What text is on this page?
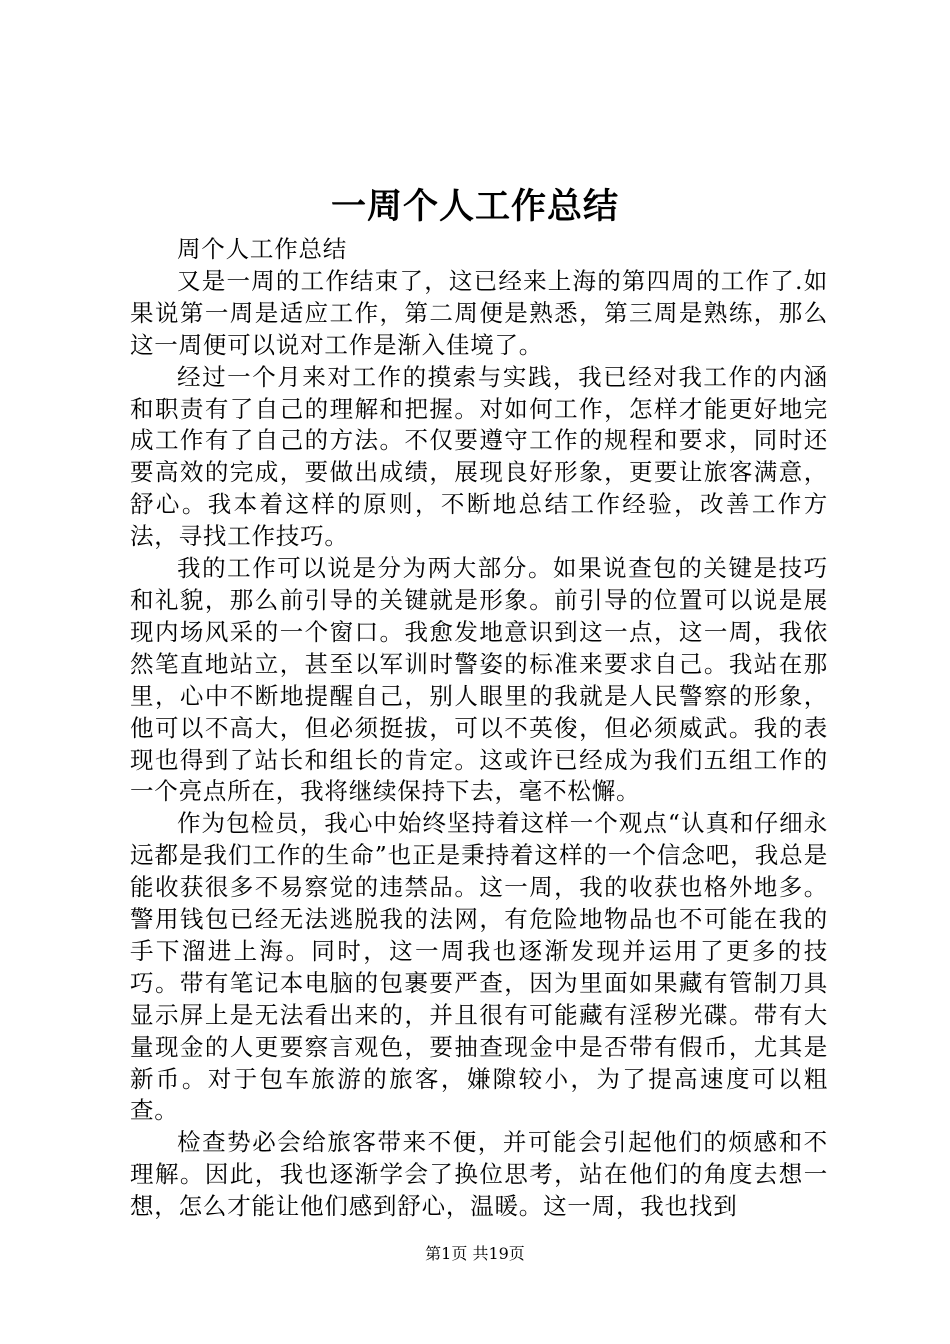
一周个人工作总结

周个人工作总结

又是一周的工作结束了，这已经来上海的第四周的工作了.如果说第一周是适应工作，第二周便是熟悉，第三周是熟练，那么这一周便可以说对工作是渐入佳境了。

经过一个月来对工作的摸索与实践，我已经对我工作的内涵和职责有了自己的理解和把握。对如何工作，怎样才能更好地完成工作有了自己的方法。不仅要遵守工作的规程和要求，同时还要高效的完成，要做出成绩，展现良好形象，更要让旅客满意，舒心。我本着这样的原则，不断地总结工作经验，改善工作方法，寻找工作技巧。

我的工作可以说是分为两大部分。如果说查包的关键是技巧和礼貌，那么前引导的关键就是形象。前引导的位置可以说是展现内场风采的一个窗口。我愈发地意识到这一点，这一周，我依然笔直地站立，甚至以军训时警姿的标准来要求自己。我站在那里，心中不断地提醒自己，别人眼里的我就是人民警察的形象，他可以不高大，但必须挺拔，可以不英俊，但必须威武。我的表现也得到了站长和组长的肯定。这或许已经成为我们五组工作的一个亮点所在，我将继续保持下去，毫不松懈。

作为包检员，我心中始终坚持着这样一个观点“认真和仔细永远都是我们工作的生命”也正是秉持着这样的一个信念吧，我总是能收获很多不易察觉的违禁品。这一周，我的收获也格外地多。警用钱包已经无法逃脱我的法网，有危险地物品也不可能在我的手下溜进上海。同时，这一周我也逐渐发现并运用了更多的技巧。带有笔记本电脑的包裹要严查，因为里面如果藏有管制刀具显示屏上是无法看出来的，并且很有可能藏有淫秽光碟。带有大量现金的人更要察言观色，要抽查现金中是否带有假币，尤其是新币。对于包车旅游的旅客，嫌隙较小，为了提高速度可以粗查。

检查势必会给旅客带来不便，并可能会引起他们的烦感和不理解。因此，我也逐渐学会了换位思考，站在他们的角度去想一想，怎么才能让他们感到舒心，温暖。这一周，我也找到

第1页 共19页
